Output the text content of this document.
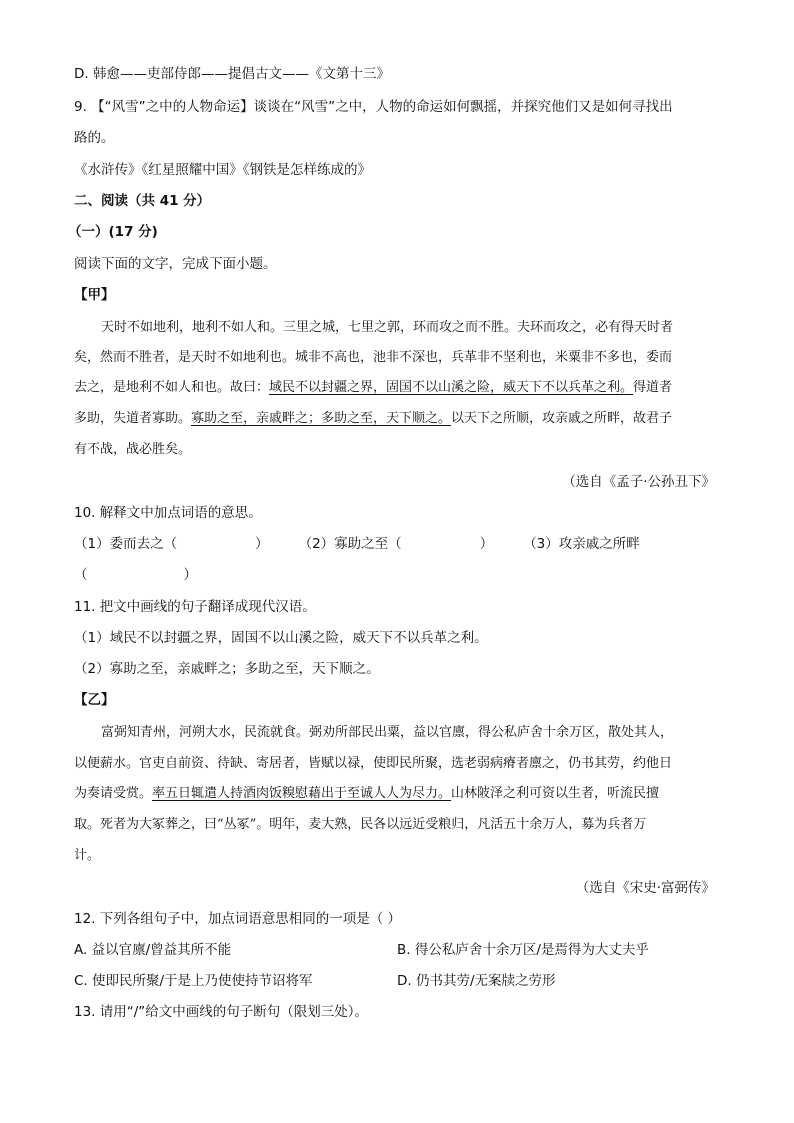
D. 韩愈——吏部侍郎——提倡古文——《文第十三》
9. 【“风雪”之中的人物命运】谈谈在“风雪”之中，人物的命运如何飘摇，并探究他们又是如何寻找出
路的。
《水浒传》《红星照耀中国》《钢铁是怎样练成的》
二、阅读（共 41 分）
（一）(17 分)
阅读下面的文字，完成下面小题。
【甲】
天时不如地利，地利不如人和。三里之城，七里之郭，环而攻之而不胜。夫环而攻之，必有得天时者
矣，然而不胜者，是天时不如地利也。城非不高也，池非不深也，兵革非不坚利也，米粟非不多也，委而
去之，是地利不如人和也。故曰：域民不以封疆之界，固国不以山溪之险，威天下不以兵革之利。得道者
多助，失道者寡助。寡助之至，亲戚畔之；多助之至，天下顺之。以天下之所顺，攻亲戚之所畔，故君子
有不战，战必胜矣。
（选自《孟子·公孙丑下》
10. 解释文中加点词语的意思。
（1）委而去之（	） （2）寡助之至（	） （3）攻亲戚之所畔
（	）
11. 把文中画线的句子翻译成现代汉语。
（1）域民不以封疆之界，固国不以山溪之险，威天下不以兵革之利。
（2）寡助之至，亲戚畔之；多助之至，天下顺之。
【乙】
富弼知青州，河朔大水，民流就食。弼劝所部民出粟，益以官廪，得公私庐舍十余万区，散处其人，
以便薪水。官吏自前资、待缺、寄居者，皆赋以禄，使即民所聚，选老弱病瘠者廪之，仍书其劳，约他日
为奏请受赏。率五日辄遣人持酒肉饭糗慰藉出于至诚人人为尽力。山林陂泽之利可资以生者，听流民擅
取。死者为大冢葬之，曰“丛冢”。明年，麦大熟，民各以远近受粮归，凡活五十余万人，募为兵者万
计。
（选自《宋史·富弼传》
12. 下列各组句子中，加点词语意思相同的一项是（ ）
A. 益以官廪/曾益其所不能	B. 得公私庐舍十余万区/是焉得为大丈夫乎
C. 使即民所聚/于是上乃使使持节诏将军	D. 仍书其劳/无案牍之劳形
13. 请用“/”给文中画线的句子断句（限划三处）。
